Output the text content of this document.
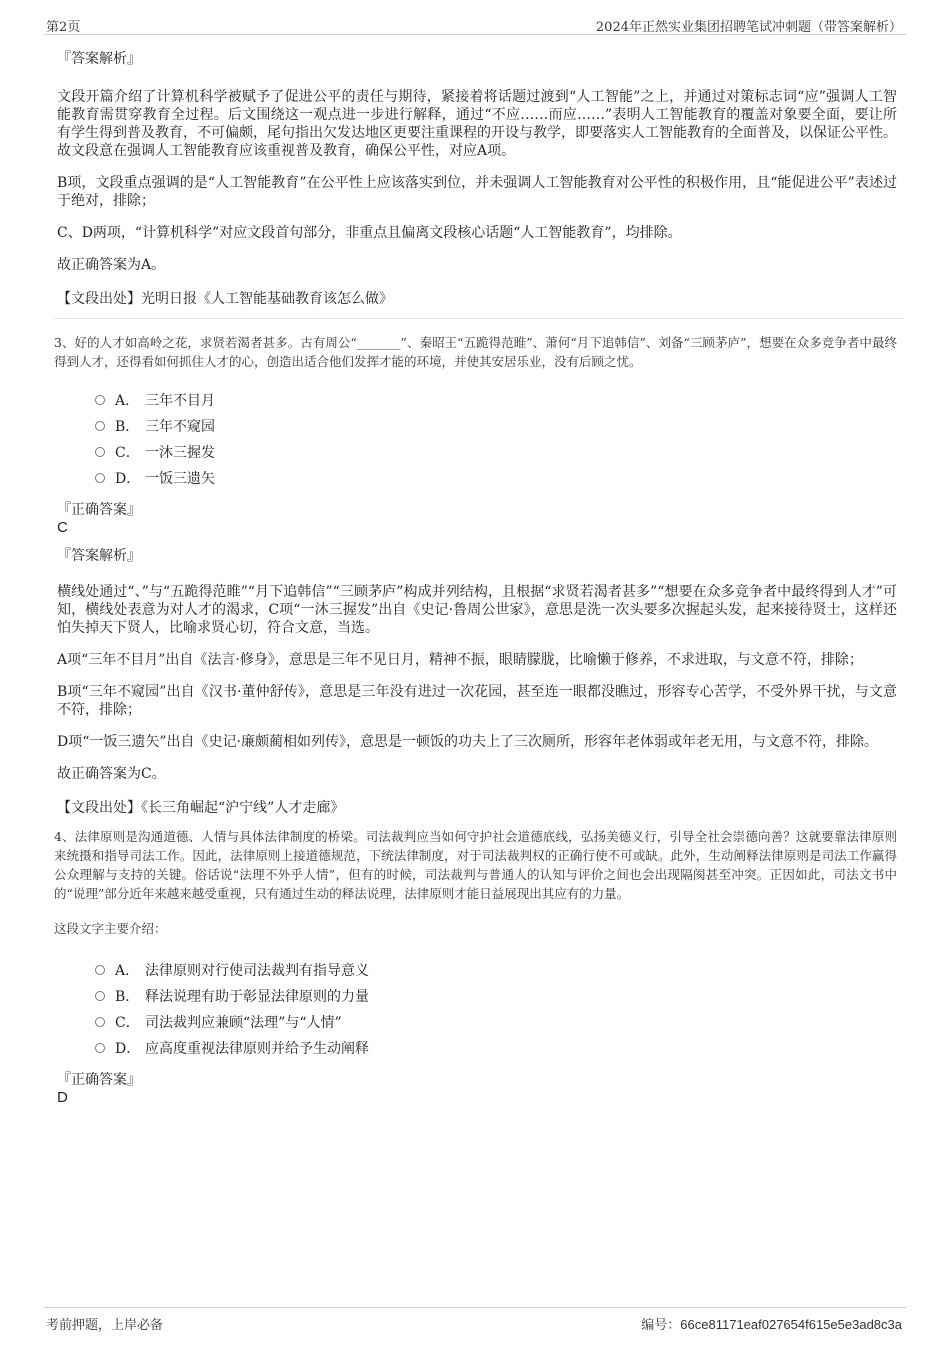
第2页	2024年正然实业集团招聘笔试冲刺题（带答案解析）
『答案解析』

文段开篇介绍了计算机科学被赋予了促进公平的责任与期待，紧接着将话题过渡到“人工智能”之上，并通过对策标志词“应”强调人工智能教育需贯穿教育全过程。后文围绕这一观点进一步进行解释，通过“不应……而应……”表明人工智能教育的覆盖对象要全面，要让所有学生得到普及教育，不可偏颇，尾句指出欠发达地区更要注重课程的开设与教学，即要落实人工智能教育的全面普及，以保证公平性。故文段意在强调人工智能教育应该重视普及教育，确保公平性，对应A项。

B项，文段重点强调的是“人工智能教育”在公平性上应该落实到位，并未强调人工智能教育对公平性的积极作用，且“能促进公平”表述过于绝对，排除；

C、D两项，“计算机科学”对应文段首句部分，非重点且偏离文段核心话题“人工智能教育”，均排除。

故正确答案为A。

【文段出处】光明日报《人工智能基础教育该怎么做》
3、好的人才如高岭之花，求贤若渴者甚多。古有周公“_______”、秦昭王“五跪得范睢”、萧何“月下追韩信”、刘备“三顾茅庐”，想要在众多竞争者中最终得到人才，还得看如何抓住人才的心，创造出适合他们发挥才能的环境，并使其安居乐业，没有后顾之忧。
A． 三年不目月
B． 三年不窥园
C． 一沐三握发
D． 一饭三遗矢
『正确答案』
C
『答案解析』

横线处通过“、”与“五跪得范睢”“月下追韩信”“三顾茅庐”构成并列结构，且根据“求贤若渴者甚多”“想要在众多竞争者中最终得到人才”可知，横线处表意为对人才的渴求，C项“一沐三握发”出自《史记·鲁周公世家》，意思是洗一次头要多次握起头发，起来接待贤士，这样还怕失掉天下贤人，比喻求贤心切，符合文意，当选。

A项“三年不目月”出自《法言·修身》，意思是三年不见日月，精神不振，眼睛朦胧，比喻懒于修养，不求进取，与文意不符，排除；

B项“三年不窥园”出自《汉书·董仲舒传》，意思是三年没有进过一次花园，甚至连一眼都没瞧过，形容专心苦学，不受外界干扰，与文意不符，排除；

D项“一饭三遗矢”出自《史记·廉颇蔺相如列传》，意思是一顿饭的功夫上了三次厕所，形容年老体弱或年老无用，与文意不符，排除。

故正确答案为C。

【文段出处】《长三角崛起“沪宁线”人才走廊》
4、法律原则是沟通道德、人情与具体法律制度的桥梁。司法裁判应当如何守护社会道德底线，弘扬美德义行，引导全社会崇德向善？这就要靠法律原则来统摄和指导司法工作。因此，法律原则上接道德规范，下统法律制度，对于司法裁判权的正确行使不可或缺。此外，生动阐释法律原则是司法工作赢得公众理解与支持的关键。俗话说“法理不外乎人情”，但有的时候，司法裁判与普通人的认知与评价之间也会出现隔阂甚至冲突。正因如此，司法文书中的“说理”部分近年来越来越受重视，只有通过生动的释法说理，法律原则才能日益展现出其应有的力量。
这段文字主要介绍：
A． 法律原则对行使司法裁判有指导意义
B． 释法说理有助于彰显法律原则的力量
C． 司法裁判应兼顾“法理”与“人情”
D． 应高度重视法律原则并给予生动阐释
『正确答案』
D
考前押题，上岸必备	编号：66ce81171eaf027654f615e5e3ad8c3a
